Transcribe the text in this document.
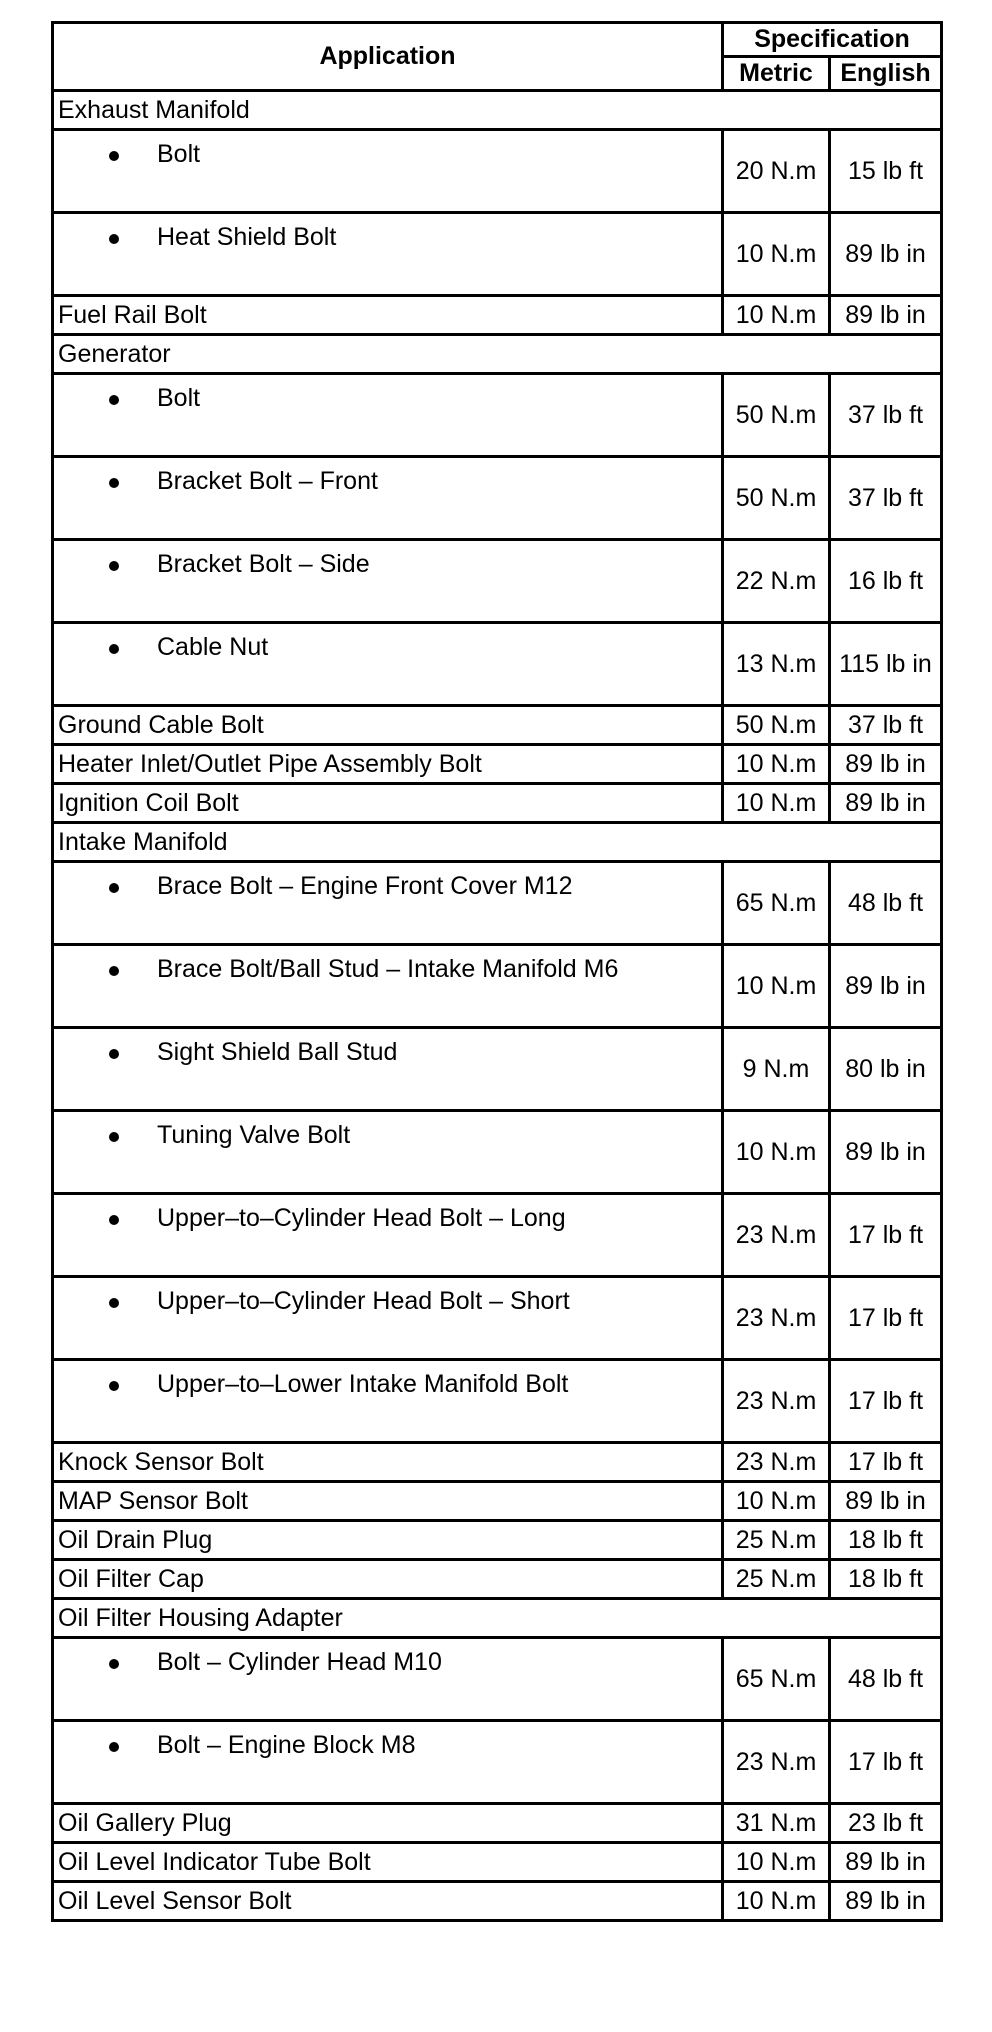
Application	Specification	
	Metric	English
Exhaust Manifold		

Bolt	20 N.m	15 lb ft

Heat Shield Bolt	10 N.m	89 lb in
Fuel Rail Bolt	10 N.m	89 lb in
Generator		

Bolt	50 N.m	37 lb ft

Bracket Bolt – Front	50 N.m	37 lb ft

Bracket Bolt – Side	22 N.m	16 lb ft

Cable Nut	13 N.m	115 lb in
Ground Cable Bolt	50 N.m	37 lb ft
Heater Inlet/Outlet Pipe Assembly Bolt	10 N.m	89 lb in
Ignition Coil Bolt	10 N.m	89 lb in
Intake Manifold		

Brace Bolt – Engine Front Cover M12	65 N.m	48 lb ft

Brace Bolt/Ball Stud – Intake Manifold M6	10 N.m	89 lb in

Sight Shield Ball Stud	9 N.m	80 lb in

Tuning Valve Bolt	10 N.m	89 lb in

Upper–to–Cylinder Head Bolt – Long	23 N.m	17 lb ft

Upper–to–Cylinder Head Bolt – Short	23 N.m	17 lb ft

Upper–to–Lower Intake Manifold Bolt	23 N.m	17 lb ft
Knock Sensor Bolt	23 N.m	17 lb ft
MAP Sensor Bolt	10 N.m	89 lb in
Oil Drain Plug	25 N.m	18 lb ft
Oil Filter Cap	25 N.m	18 lb ft
Oil Filter Housing Adapter		

Bolt – Cylinder Head M10	65 N.m	48 lb ft

Bolt – Engine Block M8	23 N.m	17 lb ft
Oil Gallery Plug	31 N.m	23 lb ft
Oil Level Indicator Tube Bolt	10 N.m	89 lb in
Oil Level Sensor Bolt	10 N.m	89 lb in
